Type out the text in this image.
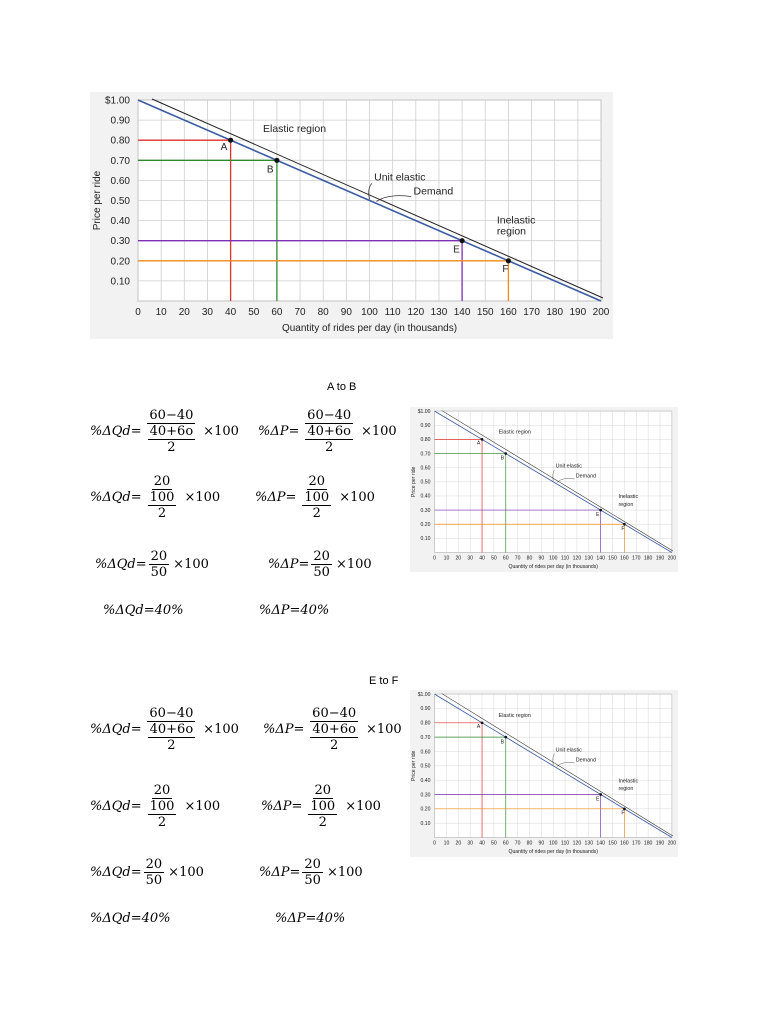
0 10 20 30 40 50 60 70 80 90 100 110 120 130 140 150 160 170 180 190 200
$1.00
0.90
0.80
0.70
0.60
0.50
0.40
0.30
0.20
0.10
Quantity of rides per day (in thousands)
Price per ride
A
B
E
F
Elastic region
Unit elastic
Demand
Inelastic
region
A to B
E to F
0 10 20 30 40 50 60 70 80 90 100 110 120 130 140 150 160 170 180 190 200
$1.00
0.90
0.80
0.70
0.60
0.50
0.40
0.30
0.20
0.10
Quantity of rides per day (in thousands)
Price per ride
A
B
E
F
Elastic region
Unit elastic
Demand
Inelastic
region
0 10 20 30 40 50 60 70 80 90 100 110 120 130 140 150 160 170 180 190 200
$1.00
0.90
0.80
0.70
0.60
0.50
0.40
0.30
0.20
0.10
Quantity of rides per day (in thousands)
Price per ride
A
B
E
F
Elastic region
Unit elastic
Demand
Inelastic
region
$\%\Delta Qd= \frac{60-40}{\frac{40+6o}{2}} \times 100$ $\%\Delta P= \frac{60-40}{\frac{40+6o}{2}} \times 100$
$\%\Delta Qd= \frac{20}{\frac{100}{2}} \times 100$	$\%\Delta P= \frac{20}{\frac{100}{2}} \times 100$
$\%\Delta Qd= \frac{20}{50} \times 100$	$\%\Delta P= \frac{20}{50} \times 100$
%ΔQd=40%	%ΔP=40%
$\%\Delta Qd= \frac{60-40}{\frac{40+6o}{2}} \times 100$ $\%\Delta P= \frac{60-40}{\frac{40+6o}{2}} \times 100$
$\%\Delta Qd= \frac{20}{\frac{100}{2}} \times 100$	$\%\Delta P= \frac{20}{\frac{100}{2}} \times 100$
$\%\Delta Qd= \frac{20}{50} \times 100$	$\%\Delta P= \frac{20}{50} \times 100$
%ΔQd=40%	%ΔP=40%
